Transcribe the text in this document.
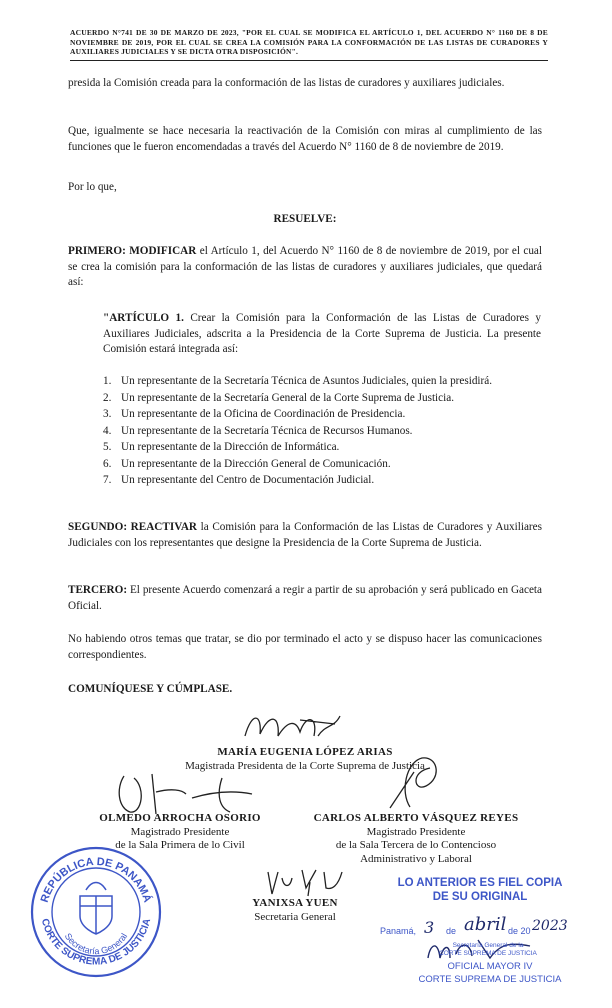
ACUERDO N°741 DE 30 DE MARZO DE 2023, "POR EL CUAL SE MODIFICA EL ARTÍCULO 1, DEL ACUERDO N° 1160 DE 8 DE NOVIEMBRE DE 2019, POR EL CUAL SE CREA LA COMISIÓN PARA LA CONFORMACIÓN DE LAS LISTAS DE CURADORES Y AUXILIARES JUDICIALES Y SE DICTA OTRA DISPOSICIÓN".

presida la Comisión creada para la conformación de las listas de curadores y auxiliares judiciales.

Que, igualmente se hace necesaria la reactivación de la Comisión con miras al cumplimiento de las funciones que le fueron encomendadas a través del Acuerdo N° 1160 de 8 de noviembre de 2019.

Por lo que,

RESUELVE:

PRIMERO: MODIFICAR el Artículo 1, del Acuerdo N° 1160 de 8 de noviembre de 2019, por el cual se crea la comisión para la conformación de las listas de curadores y auxiliares judiciales, que quedará así:

"ARTÍCULO 1. Crear la Comisión para la Conformación de las Listas de Curadores y Auxiliares Judiciales, adscrita a la Presidencia de la Corte Suprema de Justicia. La presente Comisión estará integrada así:

1. Un representante de la Secretaría Técnica de Asuntos Judiciales, quien la presidirá.
2. Un representante de la Secretaría General de la Corte Suprema de Justicia.
3. Un representante de la Oficina de Coordinación de Presidencia.
4. Un representante de la Secretaría Técnica de Recursos Humanos.
5. Un representante de la Dirección de Informática.
6. Un representante de la Dirección General de Comunicación.
7. Un representante del Centro de Documentación Judicial.

SEGUNDO: REACTIVAR la Comisión para la Conformación de las Listas de Curadores y Auxiliares Judiciales con los representantes que designe la Presidencia de la Corte Suprema de Justicia.

TERCERO: El presente Acuerdo comenzará a regir a partir de su aprobación y será publicado en Gaceta Oficial.

No habiendo otros temas que tratar, se dio por terminado el acto y se dispuso hacer las comunicaciones correspondientes.

COMUNÍQUESE Y CÚMPLASE.

MARÍA EUGENIA LÓPEZ ARIAS
Magistrada Presidenta de la Corte Suprema de Justicia
OLMEDO ARROCHA OSORIO
Magistrado Presidente
de la Sala Primera de lo Civil
CARLOS ALBERTO VÁSQUEZ REYES
Magistrado Presidente
de la Sala Tercera de lo Contencioso
Administrativo y Laboral
YANIXSA YUEN
Secretaria General
REPÚBLICA DE PANAMÁ
Secretaría General
CORTE SUPREMA DE JUSTICIA
LO ANTERIOR ES FIEL COPIA
DE SU ORIGINAL
Panamá, 3 de abril de 20 2023
Secretaría General de la
CORTE SUPREMA DE JUSTICIA
OFICIAL MAYOR IV
CORTE SUPREMA DE JUSTICIA
